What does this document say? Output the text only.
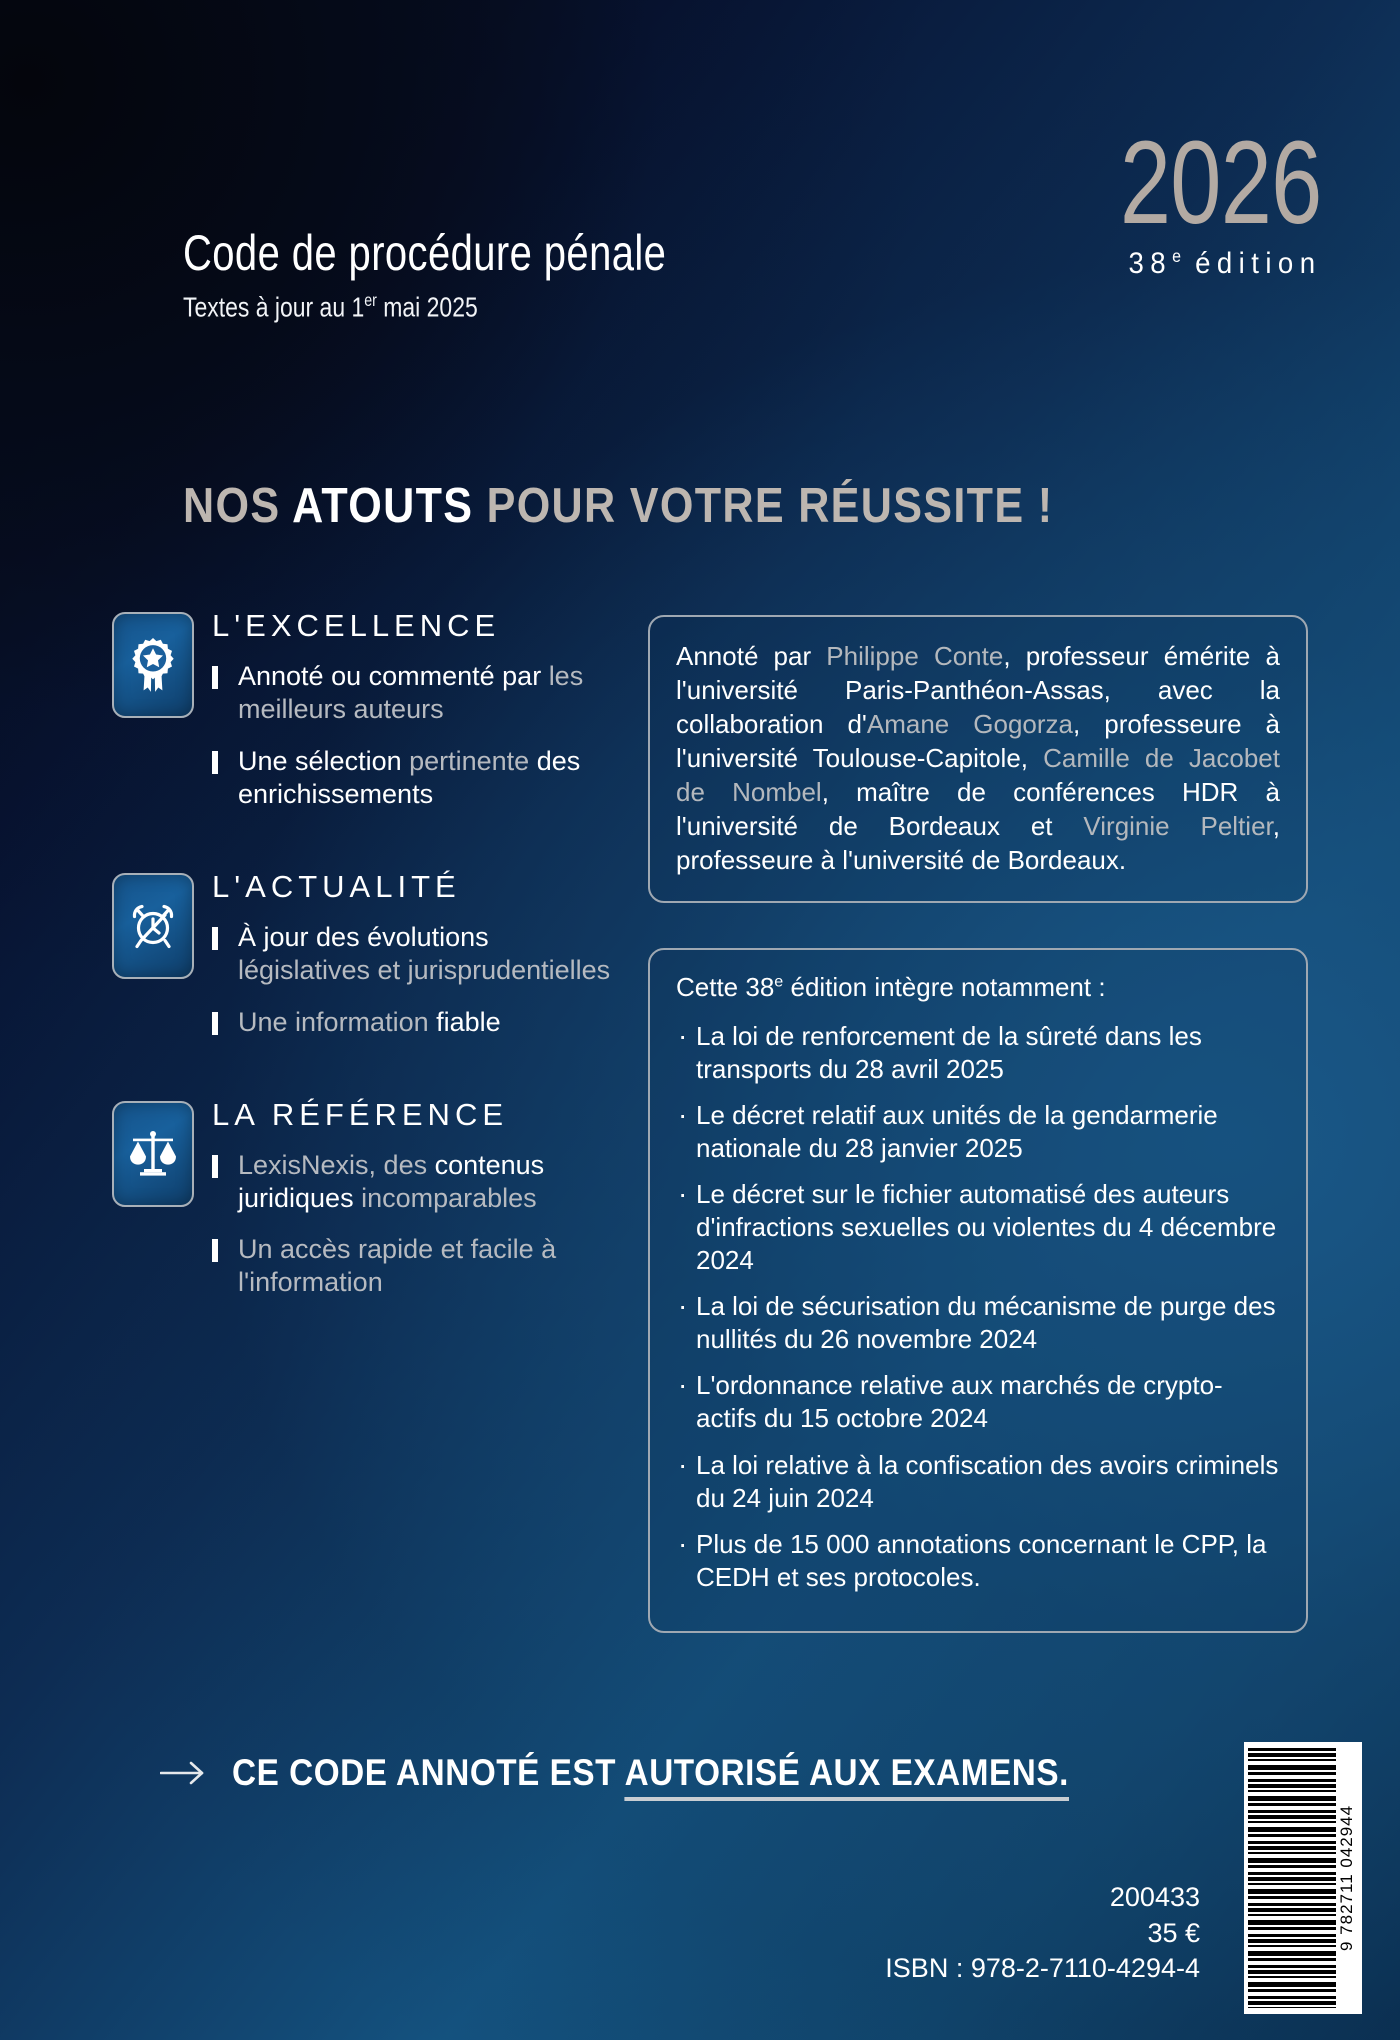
Code de procédure pénale
Textes à jour au 1er mai 2025
2026
38e édition
NOS ATOUTS POUR VOTRE RÉUSSITE !
L'EXCELLENCE
Annoté ou commenté par les meilleurs auteurs
Une sélection pertinente des enrichissements
L'ACTUALITÉ
À jour des évolutions législatives et jurisprudentielles
Une information fiable
LA RÉFÉRENCE
LexisNexis, des contenus juridiques incomparables
Un accès rapide et facile à l'information
Annoté par Philippe Conte, professeur émérite à l'université Paris-Panthéon-Assas, avec la collaboration d'Amane Gogorza, professeure à l'université Toulouse-Capitole, Camille de Jacobet de Nombel, maître de conférences HDR à l'université de Bordeaux et Virginie Peltier, professeure à l'université de Bordeaux.
Cette 38e édition intègre notamment :
· La loi de renforcement de la sûreté dans les transports du 28 avril 2025
· Le décret relatif aux unités de la gendarmerie nationale du 28 janvier 2025
· Le décret sur le fichier automatisé des auteurs d'infractions sexuelles ou violentes du 4 décembre 2024
· La loi de sécurisation du mécanisme de purge des nullités du 26 novembre 2024
· L'ordonnance relative aux marchés de crypto-actifs du 15 octobre 2024
· La loi relative à la confiscation des avoirs criminels du 24 juin 2024
· Plus de 15 000 annotations concernant le CPP, la CEDH et ses protocoles.
CE CODE ANNOTÉ EST AUTORISÉ AUX EXAMENS.
200433
35 €
ISBN : 978-2-7110-4294-4
9 782711 042944
